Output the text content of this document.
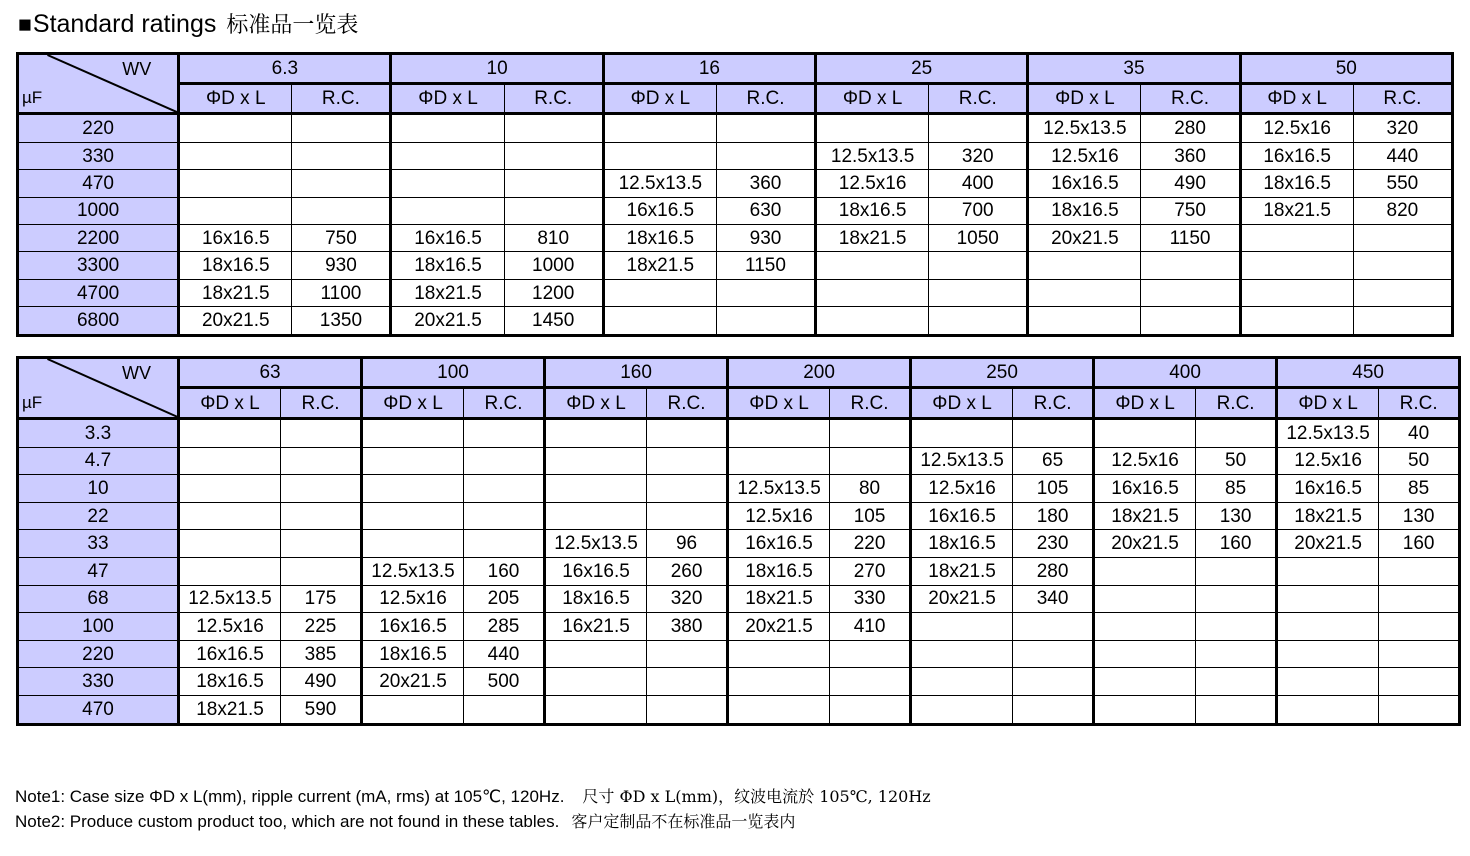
■Standard ratings 标准品一览表
WV
µF	6.3		10		16		25		35		50	
	ΦD x L	R.C.	ΦD x L	R.C.	ΦD x L	R.C.	ΦD x L	R.C.	ΦD x L	R.C.	ΦD x L	R.C.
220									12.5x13.5	280	12.5x16	320
330							12.5x13.5	320	12.5x16	360	16x16.5	440
470					12.5x13.5	360	12.5x16	400	16x16.5	490	18x16.5	550
1000					16x16.5	630	18x16.5	700	18x16.5	750	18x21.5	820
2200	16x16.5	750	16x16.5	810	18x16.5	930	18x21.5	1050	20x21.5	1150		
3300	18x16.5	930	18x16.5	1000	18x21.5	1150						
4700	18x21.5	1100	18x21.5	1200								
6800	20x21.5	1350	20x21.5	1450								
WV
µF	63		100		160		200		250		400		450	
	ΦD x L	R.C.	ΦD x L	R.C.	ΦD x L	R.C.	ΦD x L	R.C.	ΦD x L	R.C.	ΦD x L	R.C.	ΦD x L	R.C.
3.3													12.5x13.5	40
4.7									12.5x13.5	65	12.5x16	50	12.5x16	50
10							12.5x13.5	80	12.5x16	105	16x16.5	85	16x16.5	85
22							12.5x16	105	16x16.5	180	18x21.5	130	18x21.5	130
33					12.5x13.5	96	16x16.5	220	18x16.5	230	20x21.5	160	20x21.5	160
47			12.5x13.5	160	16x16.5	260	18x16.5	270	18x21.5	280				
68	12.5x13.5	175	12.5x16	205	18x16.5	320	18x21.5	330	20x21.5	340				
100	12.5x16	225	16x16.5	285	16x21.5	380	20x21.5	410						
220	16x16.5	385	18x16.5	440										
330	18x16.5	490	20x21.5	500										
470	18x21.5	590												
Note1: Case size ΦD x L(mm), ripple current (mA, rms) at 105℃, 120Hz. 尺寸 ΦD x L(mm)，纹波电流於 105℃, 120Hz
Note2: Produce custom product too, which are not found in these tables. 客户定制品不在标准品一览表内
